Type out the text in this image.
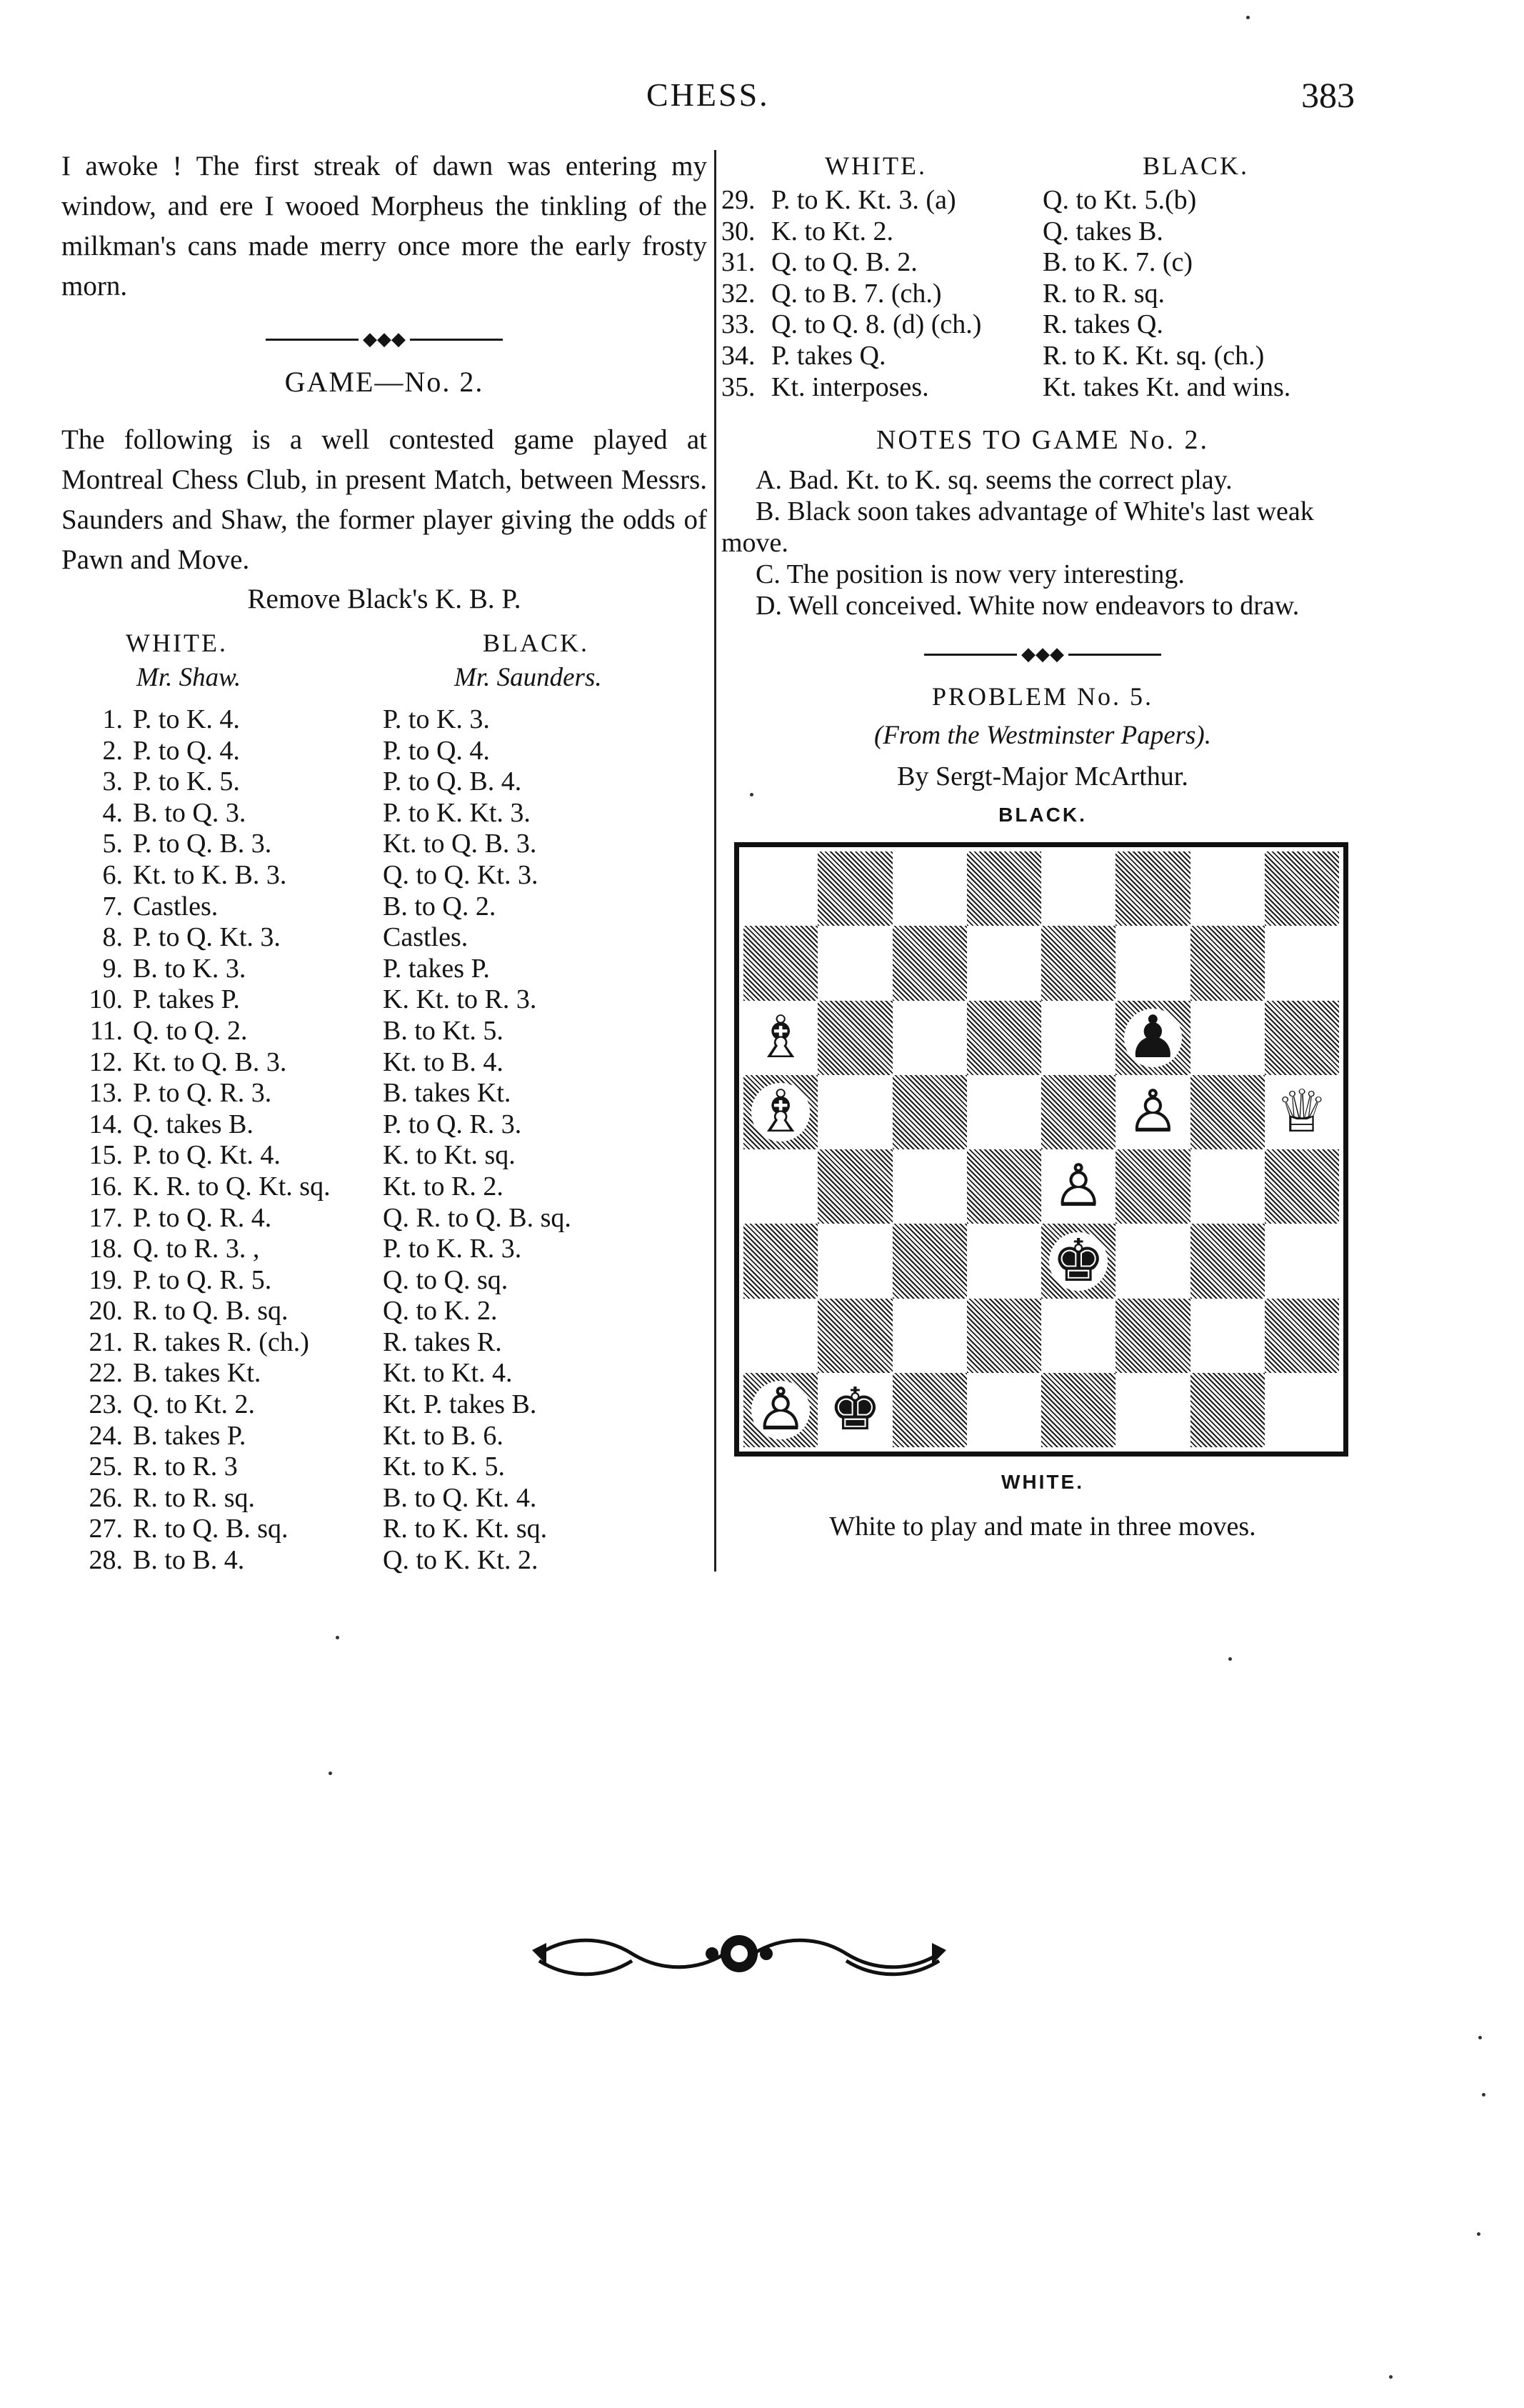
CHESS.	383

I awoke ! The first streak of dawn was entering my window, and ere I wooed Morpheus the tinkling of the milkman's cans made merry once more the early frosty morn.

◆◆◆
GAME—No. 2.

The following is a well contested game played at Montreal Chess Club, in present Match, between Messrs. Saunders and Shaw, the former player giving the odds of Pawn and Move.

Remove Black's K. B. P.
WHITE.	BLACK.
Mr. Shaw.	Mr. Saunders.
1. P. to K. 4.	P. to K. 3.
2. P. to Q. 4.	P. to Q. 4.
3. P. to K. 5.	P. to Q. B. 4.
4. B. to Q. 3.	P. to K. Kt. 3.
5. P. to Q. B. 3.	Kt. to Q. B. 3.
6. Kt. to K. B. 3.	Q. to Q. Kt. 3.
7. Castles.	B. to Q. 2.
8. P. to Q. Kt. 3.	Castles.
9. B. to K. 3.	P. takes P.
10. P. takes P.	K. Kt. to R. 3.
11. Q. to Q. 2.	B. to Kt. 5.
12. Kt. to Q. B. 3.	Kt. to B. 4.
13. P. to Q. R. 3.	B. takes Kt.
14. Q. takes B.	P. to Q. R. 3.
15. P. to Q. Kt. 4.	K. to Kt. sq.
16. K. R. to Q. Kt. sq.	Kt. to R. 2.
17. P. to Q. R. 4.	Q. R. to Q. B. sq.
18. Q. to R. 3. ,	P. to K. R. 3.
19. P. to Q. R. 5.	Q. to Q. sq.
20. R. to Q. B. sq.	Q. to K. 2.
21. R. takes R. (ch.)	R. takes R.
22. B. takes Kt.	Kt. to Kt. 4.
23. Q. to Kt. 2.	Kt. P. takes B.
24. B. takes P.	Kt. to B. 6.
25. R. to R. 3	Kt. to K. 5.
26. R. to R. sq.	B. to Q. Kt. 4.
27. R. to Q. B. sq.	R. to K. Kt. sq.
28. B. to B. 4.	Q. to K. Kt. 2.
WHITE.	BLACK.
29. P. to K. Kt. 3. (a)	Q. to Kt. 5.(b)
30. K. to Kt. 2.	Q. takes B.
31. Q. to Q. B. 2.	B. to K. 7. (c)
32. Q. to B. 7. (ch.)	R. to R. sq.
33. Q. to Q. 8. (d) (ch.)	R. takes Q.
34. P. takes Q.	R. to K. Kt. sq. (ch.)
35. Kt. interposes.	Kt. takes Kt. and wins.
NOTES TO GAME No. 2.

A. Bad. Kt. to K. sq. seems the correct play.

B. Black soon takes advantage of White's last weak move.

C. The position is now very interesting.

D. Well conceived. White now endeavors to draw.

◆◆◆
PROBLEM No. 5.
(From the Westminster Papers).
By Sergt-Major McArthur.
BLACK.
♗	♟
♗	♙ ♕
♙
♚
♙ ♚
WHITE.
White to play and mate in three moves.
